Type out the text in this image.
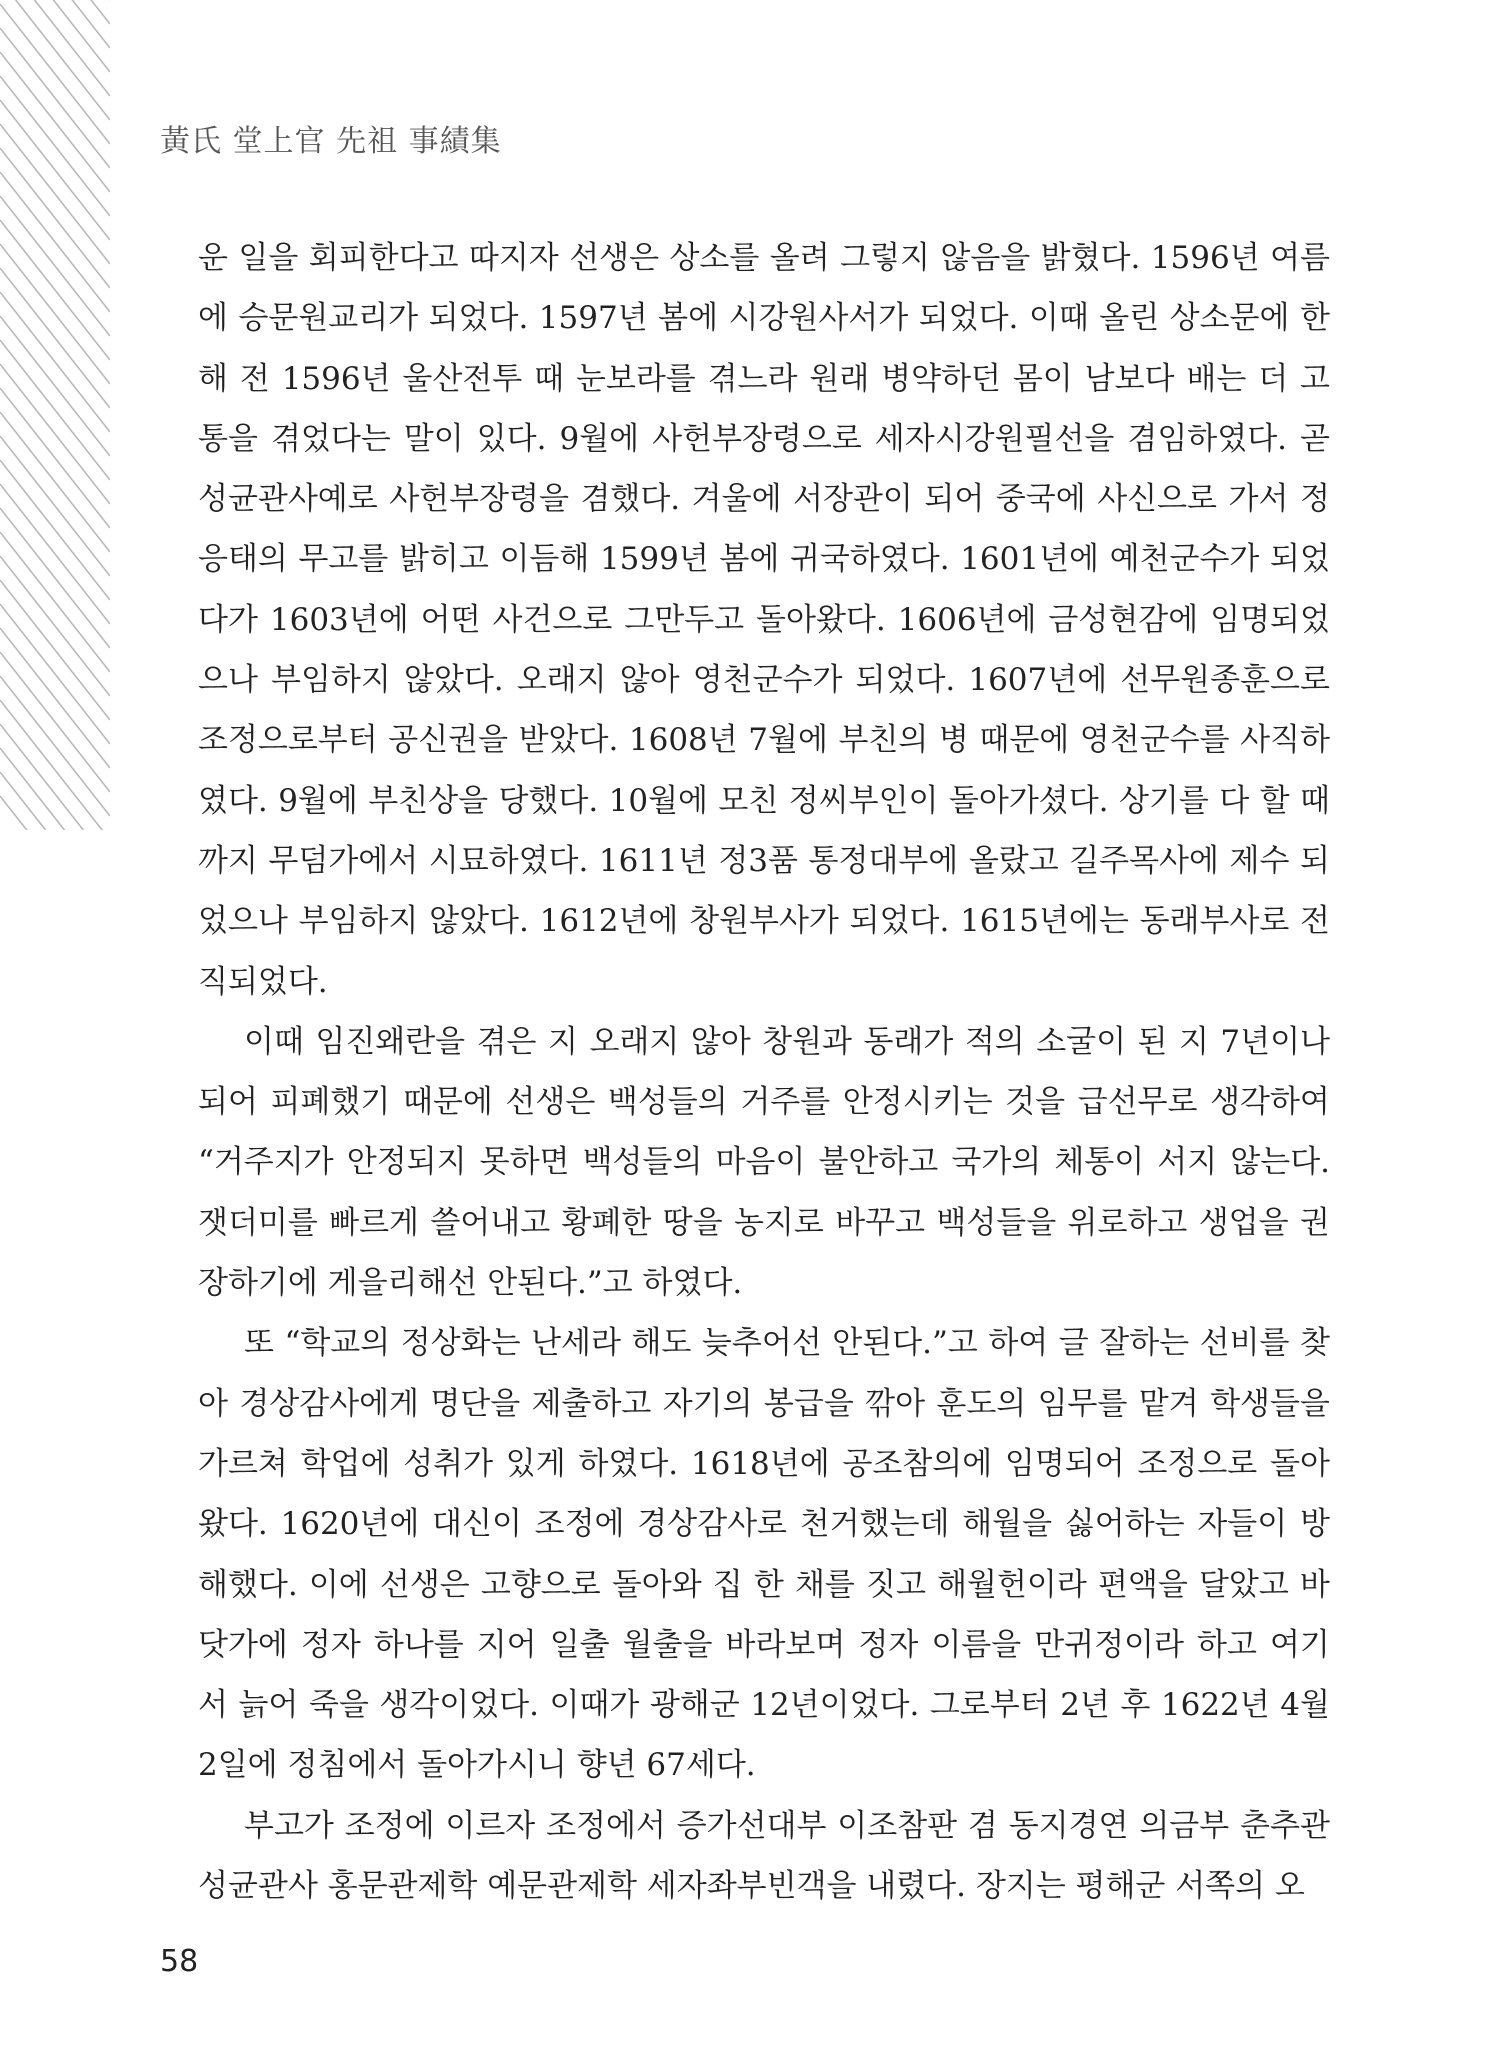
黃氏 堂上官 先祖 事績集
운 일을 회피한다고 따지자 선생은 상소를 올려 그렇지 않음을 밝혔다. 1596년 여름
에 승문원교리가 되었다. 1597년 봄에 시강원사서가 되었다. 이때 올린 상소문에 한
해 전 1596년 울산전투 때 눈보라를 겪느라 원래 병약하던 몸이 남보다 배는 더 고
통을 겪었다는 말이 있다. 9월에 사헌부장령으로 세자시강원필선을 겸임하였다. 곧
성균관사예로 사헌부장령을 겸했다. 겨울에 서장관이 되어 중국에 사신으로 가서 정
응태의 무고를 밝히고 이듬해 1599년 봄에 귀국하였다. 1601년에 예천군수가 되었
다가 1603년에 어떤 사건으로 그만두고 돌아왔다. 1606년에 금성현감에 임명되었
으나 부임하지 않았다. 오래지 않아 영천군수가 되었다. 1607년에 선무원종훈으로
조정으로부터 공신권을 받았다. 1608년 7월에 부친의 병 때문에 영천군수를 사직하
였다. 9월에 부친상을 당했다. 10월에 모친 정씨부인이 돌아가셨다. 상기를 다 할 때
까지 무덤가에서 시묘하였다. 1611년 정3품 통정대부에 올랐고 길주목사에 제수 되
었으나 부임하지 않았다. 1612년에 창원부사가 되었다. 1615년에는 동래부사로 전
직되었다.
이때 임진왜란을 겪은 지 오래지 않아 창원과 동래가 적의 소굴이 된 지 7년이나
되어 피폐했기 때문에 선생은 백성들의 거주를 안정시키는 것을 급선무로 생각하여
“거주지가 안정되지 못하면 백성들의 마음이 불안하고 국가의 체통이 서지 않는다.
잿더미를 빠르게 쓸어내고 황폐한 땅을 농지로 바꾸고 백성들을 위로하고 생업을 권
장하기에 게을리해선 안된다.”고 하였다.
또 “학교의 정상화는 난세라 해도 늦추어선 안된다.”고 하여 글 잘하는 선비를 찾
아 경상감사에게 명단을 제출하고 자기의 봉급을 깎아 훈도의 임무를 맡겨 학생들을
가르쳐 학업에 성취가 있게 하였다. 1618년에 공조참의에 임명되어 조정으로 돌아
왔다. 1620년에 대신이 조정에 경상감사로 천거했는데 해월을 싫어하는 자들이 방
해했다. 이에 선생은 고향으로 돌아와 집 한 채를 짓고 해월헌이라 편액을 달았고 바
닷가에 정자 하나를 지어 일출 월출을 바라보며 정자 이름을 만귀정이라 하고 여기
서 늙어 죽을 생각이었다. 이때가 광해군 12년이었다. 그로부터 2년 후 1622년 4월
2일에 정침에서 돌아가시니 향년 67세다.
부고가 조정에 이르자 조정에서 증가선대부 이조참판 겸 동지경연 의금부 춘추관
성균관사 홍문관제학 예문관제학 세자좌부빈객을 내렸다. 장지는 평해군 서쪽의 오
58
